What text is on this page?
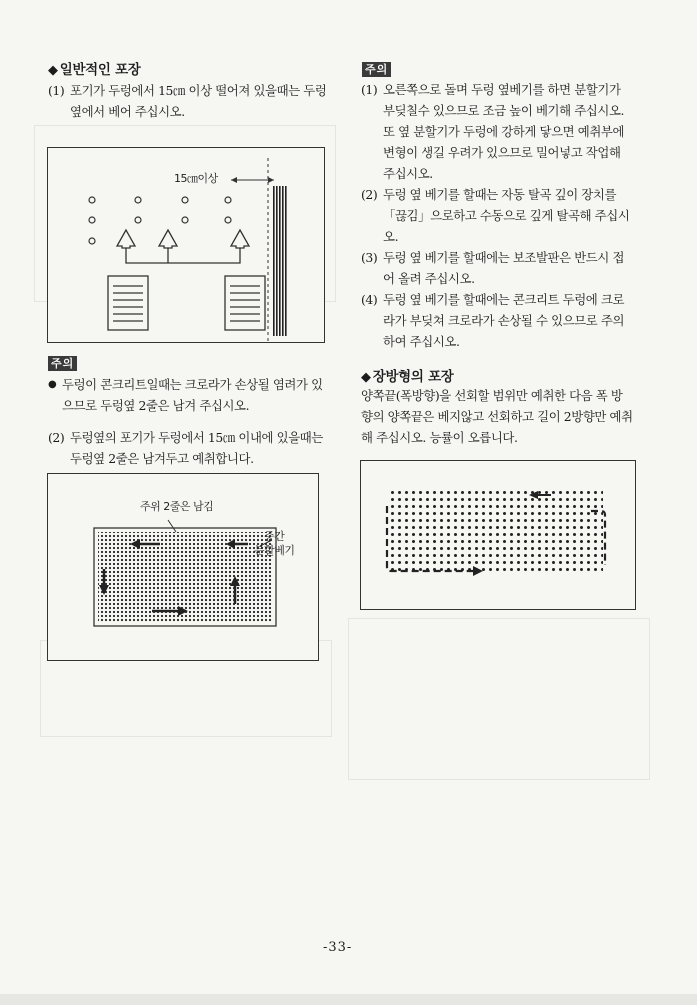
◆ 일반적인 포장

(1) 포기가 두렁에서 15㎝ 이상 떨어져 있을때는 두렁 옆에서 베어 주십시오.

15㎝이상
주의

● 두렁이 콘크리트일때는 크로라가 손상될 염려가 있으므로 두렁옆 2줄은 남겨 주십시오.

(2) 두렁옆의 포기가 두렁에서 15㎝ 이내에 있을때는 두렁옆 2줄은 남겨두고 예취합니다.

주위 2줄은 남김
중간
분할베기
주의

(1) 오른쪽으로 돌며 두렁 옆베기를 하면 분할기가 부딪칠수 있으므로 조금 높이 베기해 주십시오. 또 옆 분할기가 두렁에 강하게 닿으면 예취부에 변형이 생길 우려가 있으므로 밀어넣고 작업해 주십시오.

(2) 두렁 옆 베기를 할때는 자동 탈곡 깊이 장치를「끊김」으로하고 수동으로 깊게 탈곡해 주십시오.

(3) 두렁 옆 베기를 할때에는 보조발판은 반드시 접어 올려 주십시오.

(4) 두렁 옆 베기를 할때에는 콘크리트 두렁에 크로라가 부딪쳐 크로라가 손상될 수 있으므로 주의하여 주십시오.

◆ 장방형의 포장

양쪽끝(폭방향)을 선회할 범위만 예취한 다음 폭 방향의 양쪽끝은 베지않고 선회하고 길이 2방향만 예취해 주십시오. 능률이 오릅니다.

-33-
